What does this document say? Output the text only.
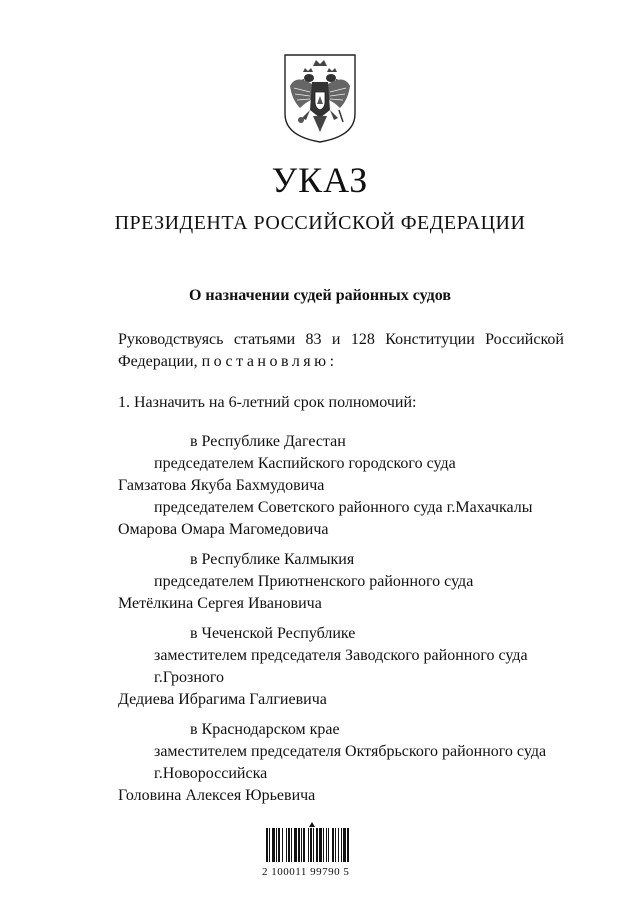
УКАЗ
ПРЕЗИДЕНТА РОССИЙСКОЙ ФЕДЕРАЦИИ
О назначении судей районных судов
Руководствуясь статьями 83 и 128 Конституции Российской
Федерации, постановляю:
1. Назначить на 6-летний срок полномочий:
в Республике Дагестан
председателем Каспийского городского суда
Гамзатова Якуба Бахмудовича
председателем Советского районного суда г.Махачкалы
Омарова Омара Магомедовича
в Республике Калмыкия
председателем Приютненского районного суда
Метёлкина Сергея Ивановича
в Чеченской Республике
заместителем председателя Заводского районного суда
г.Грозного
Дедиева Ибрагима Галгиевича
в Краснодарском крае
заместителем председателя Октябрьского районного суда
г.Новороссийска
Головина Алексея Юрьевича
2 100011 99790 5
